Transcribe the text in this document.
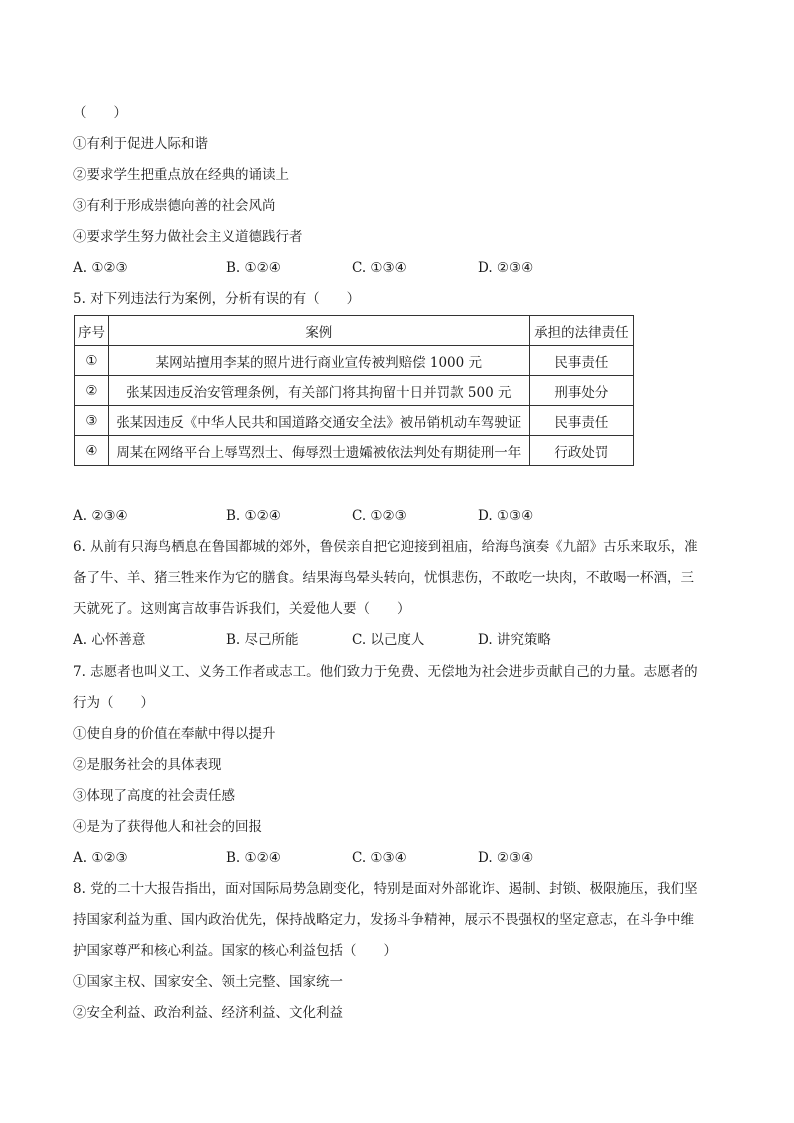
（　　）
①有利于促进人际和谐
②要求学生把重点放在经典的诵读上
③有利于形成崇德向善的社会风尚
④要求学生努力做社会主义道德践行者
A. ①②③	B. ①②④	C. ①③④	D. ②③④
5. 对下列违法行为案例，分析有误的有（　　）
序号	案例	承担的法律责任
①	某网站擅用李某的照片进行商业宣传被判赔偿 1000 元	民事责任
②	张某因违反治安管理条例，有关部门将其拘留十日并罚款 500 元	刑事处分
③	张某因违反《中华人民共和国道路交通安全法》被吊销机动车驾驶证	民事责任
④	周某在网络平台上辱骂烈士、侮辱烈士遗孀被依法判处有期徒刑一年	行政处罚
A. ②③④	B. ①②④	C. ①②③	D. ①③④
6. 从前有只海鸟栖息在鲁国都城的郊外，鲁侯亲自把它迎接到祖庙，给海鸟演奏《九韶》古乐来取乐，准
备了牛、羊、猪三牲来作为它的膳食。结果海鸟晕头转向，忧惧悲伤，不敢吃一块肉，不敢喝一杯酒，三
天就死了。这则寓言故事告诉我们，关爱他人要（　　）
A. 心怀善意	B. 尽己所能	C. 以己度人	D. 讲究策略
7. 志愿者也叫义工、义务工作者或志工。他们致力于免费、无偿地为社会进步贡献自己的力量。志愿者的
行为（　　）
①使自身的价值在奉献中得以提升
②是服务社会的具体表现
③体现了高度的社会责任感
④是为了获得他人和社会的回报
A. ①②③	B. ①②④	C. ①③④	D. ②③④
8. 党的二十大报告指出，面对国际局势急剧变化，特别是面对外部讹诈、遏制、封锁、极限施压，我们坚
持国家利益为重、国内政治优先，保持战略定力，发扬斗争精神，展示不畏强权的坚定意志，在斗争中维
护国家尊严和核心利益。国家的核心利益包括（　　）
①国家主权、国家安全、领土完整、国家统一
②安全利益、政治利益、经济利益、文化利益
